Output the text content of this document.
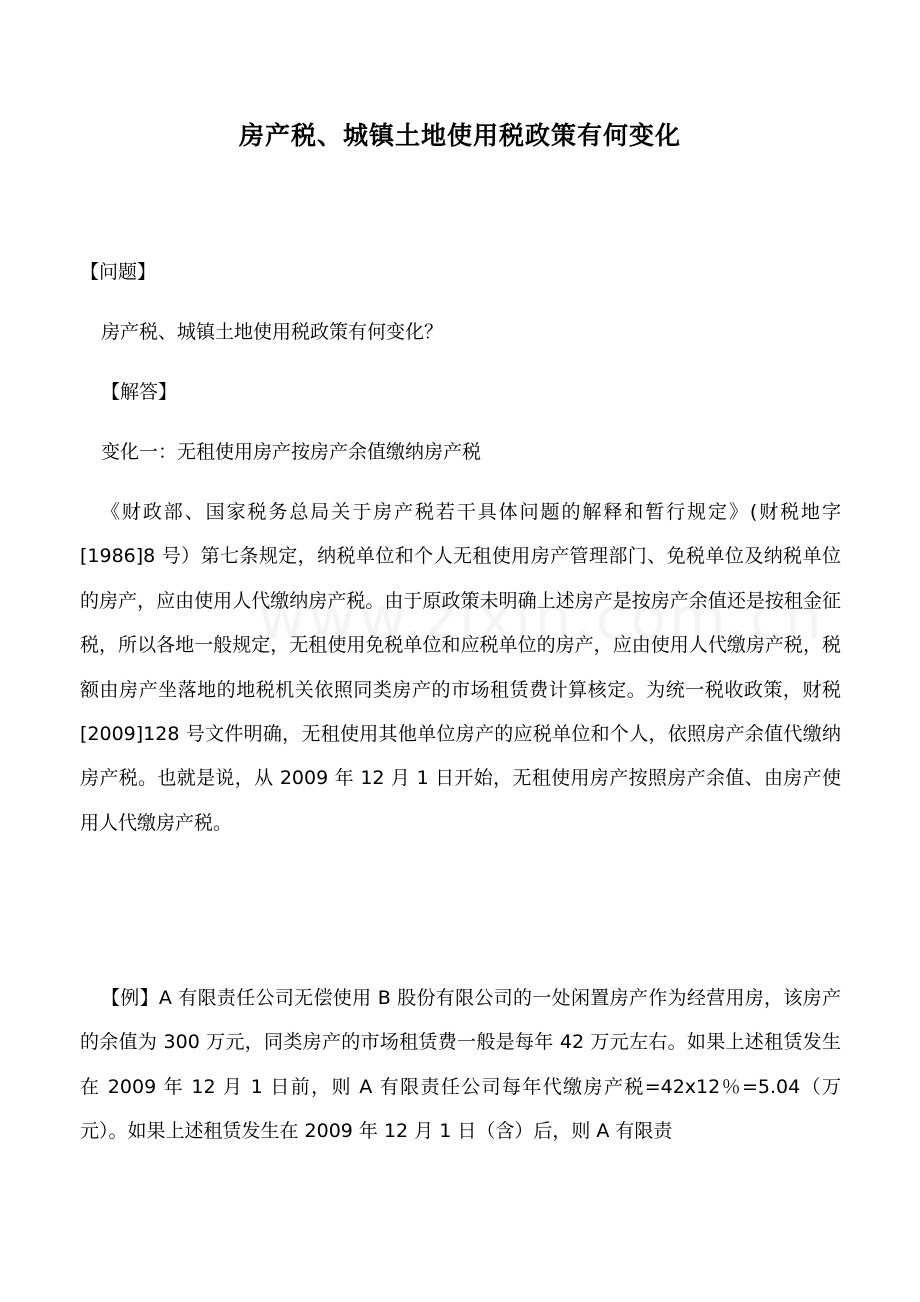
房产税、城镇土地使用税政策有何变化

【问题】

房产税、城镇土地使用税政策有何变化？

【解答】

变化一：无租使用房产按房产余值缴纳房产税

《财政部、国家税务总局关于房产税若干具体问题的解释和暂行规定》(财税地字[1986]8 号）第七条规定，纳税单位和个人无租使用房产管理部门、免税单位及纳税单位的房产，应由使用人代缴纳房产税。由于原政策未明确上述房产是按房产余值还是按租金征税，所以各地一般规定，无租使用免税单位和应税单位的房产，应由使用人代缴房产税，税额由房产坐落地的地税机关依照同类房产的市场租赁费计算核定。为统一税收政策，财税[2009]128 号文件明确，无租使用其他单位房产的应税单位和个人，依照房产余值代缴纳房产税。也就是说，从 2009 年 12 月 1 日开始，无租使用房产按照房产余值、由房产使用人代缴房产税。

【例】A 有限责任公司无偿使用 B 股份有限公司的一处闲置房产作为经营用房，该房产的余值为 300 万元，同类房产的市场租赁费一般是每年 42 万元左右。如果上述租赁发生在 2009 年 12 月 1 日前，则 A 有限责任公司每年代缴房产税=42x12％=5.04（万元）。如果上述租赁发生在 2009 年 12 月 1 日（含）后，则 A 有限责
